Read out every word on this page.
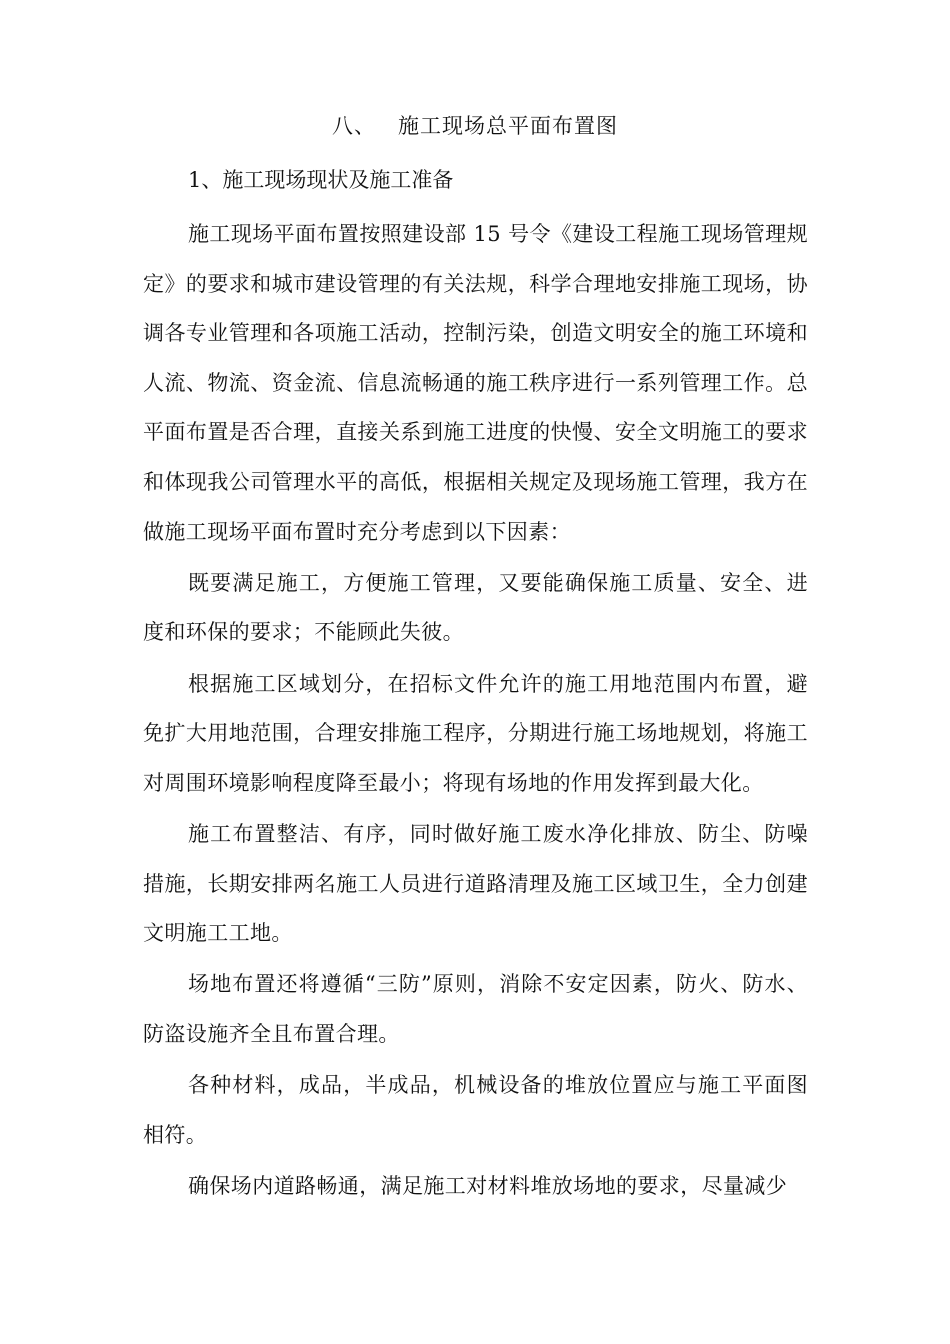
八、 施工现场总平面布置图
1、施工现场现状及施工准备

施工现场平面布置按照建设部 15 号令《建设工程施工现场管理规定》的要求和城市建设管理的有关法规，科学合理地安排施工现场，协调各专业管理和各项施工活动，控制污染，创造文明安全的施工环境和人流、物流、资金流、信息流畅通的施工秩序进行一系列管理工作。总平面布置是否合理，直接关系到施工进度的快慢、安全文明施工的要求和体现我公司管理水平的高低，根据相关规定及现场施工管理，我方在做施工现场平面布置时充分考虑到以下因素：

既要满足施工，方便施工管理，又要能确保施工质量、安全、进度和环保的要求；不能顾此失彼。

根据施工区域划分，在招标文件允许的施工用地范围内布置，避免扩大用地范围，合理安排施工程序，分期进行施工场地规划，将施工对周围环境影响程度降至最小；将现有场地的作用发挥到最大化。

施工布置整洁、有序，同时做好施工废水净化排放、防尘、防噪措施，长期安排两名施工人员进行道路清理及施工区域卫生，全力创建文明施工工地。

场地布置还将遵循“三防”原则，消除不安定因素，防火、防水、防盗设施齐全且布置合理。

各种材料，成品，半成品，机械设备的堆放位置应与施工平面图相符。

确保场内道路畅通，满足施工对材料堆放场地的要求，尽量减少
